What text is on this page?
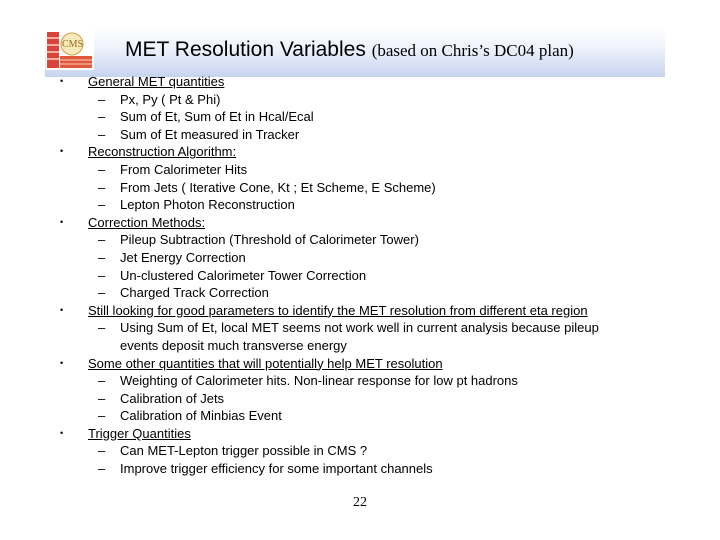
CMS MET Resolution Variables (based on Chris’s DC04 plan)
• General MET quantities
– Px, Py ( Pt & Phi)
– Sum of Et, Sum of Et in Hcal/Ecal
– Sum of Et measured in Tracker
• Reconstruction Algorithm:
– From Calorimeter Hits
– From Jets ( Iterative Cone, Kt ; Et Scheme, E Scheme)
– Lepton Photon Reconstruction
• Correction Methods:
– Pileup Subtraction (Threshold of Calorimeter Tower)
– Jet Energy Correction
– Un-clustered Calorimeter Tower Correction
– Charged Track Correction
• Still looking for good parameters to identify the MET resolution from different eta region
– Using Sum of Et, local MET seems not work well in current analysis because pileup events deposit much transverse energy
• Some other quantities that will potentially help MET resolution
– Weighting of Calorimeter hits. Non-linear response for low pt hadrons
– Calibration of Jets
– Calibration of Minbias Event
• Trigger Quantities
– Can MET-Lepton trigger possible in CMS ?
– Improve trigger efficiency for some important channels
22
